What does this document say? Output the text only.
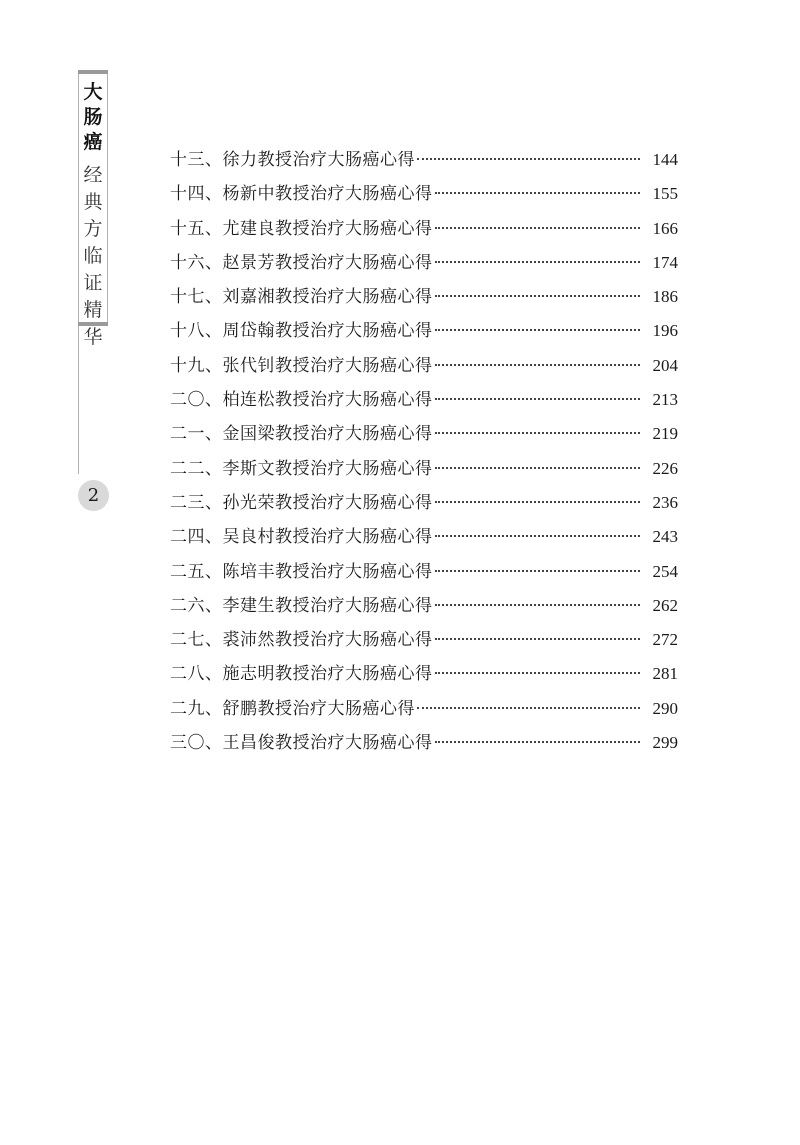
大
肠
癌
经
典
方
临
证
精
华
2
十三、徐力教授治疗大肠癌心得	144
十四、杨新中教授治疗大肠癌心得	155
十五、尤建良教授治疗大肠癌心得	166
十六、赵景芳教授治疗大肠癌心得	174
十七、刘嘉湘教授治疗大肠癌心得	186
十八、周岱翰教授治疗大肠癌心得	196
十九、张代钊教授治疗大肠癌心得	204
二〇、柏连松教授治疗大肠癌心得	213
二一、金国梁教授治疗大肠癌心得	219
二二、李斯文教授治疗大肠癌心得	226
二三、孙光荣教授治疗大肠癌心得	236
二四、吴良村教授治疗大肠癌心得	243
二五、陈培丰教授治疗大肠癌心得	254
二六、李建生教授治疗大肠癌心得	262
二七、裘沛然教授治疗大肠癌心得	272
二八、施志明教授治疗大肠癌心得	281
二九、舒鹏教授治疗大肠癌心得	290
三〇、王昌俊教授治疗大肠癌心得	299
